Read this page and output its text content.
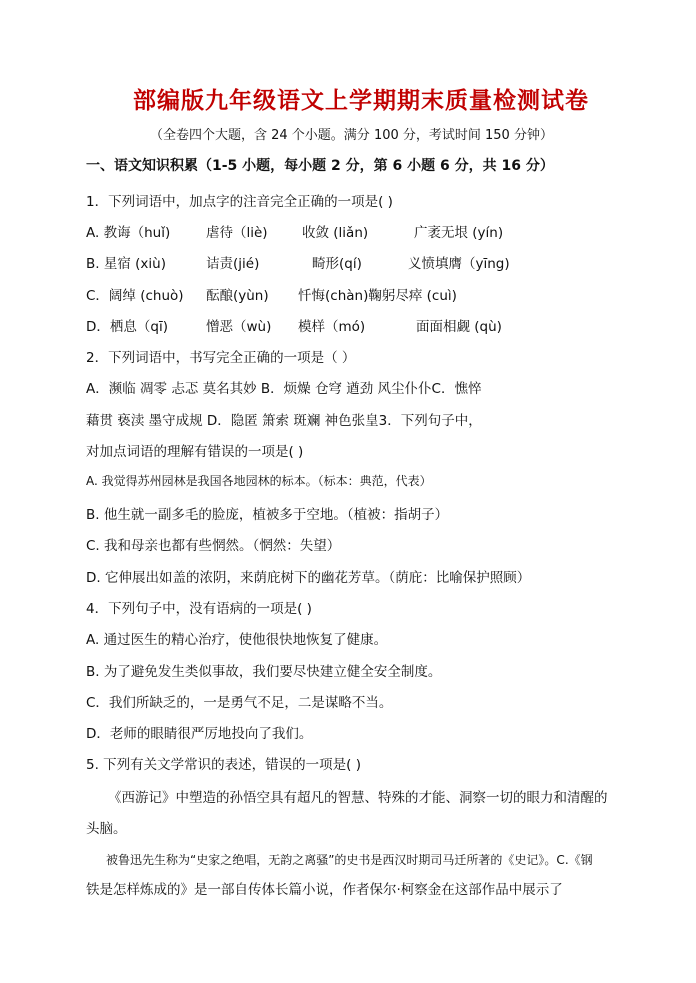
部编版九年级语文上学期期末质量检测试卷
（全卷四个大题，含 24 个小题。满分 100 分，考试时间 150 分钟）
一、语文知识积累（1-5 小题，每小题 2 分，第 6 小题 6 分，共 16 分）
1．下列词语中，加点字的注音完全正确的一项是( )
A. 教诲（huǐ)	虐待（liè)	收敛 (liǎn)	广袤无垠 (yín)
B. 星宿 (xiù)	诘责(jié)	畸形(qí)	义愤填膺（yīng)
C．阔绰 (chuò) 酝酿(yùn) 忏悔(chàn)鞠躬尽瘁 (cuì)
D．栖息（qī)	憎恶（wù) 模样（mó)	面面相觑 (qù)
2．下列词语中，书写完全正确的一项是（ ）
A．濒临 凋零 忐忑 莫名其妙 B．烦燥 仓穹 遒劲 风尘仆仆C．憔悴
藉贯 亵渎 墨守成规 D．隐匿 箫索 斑斓 神色张皇3．下列句子中，
对加点词语的理解有错误的一项是( )
A. 我觉得苏州园林是我国各地园林的标本。（标本：典范，代表）
B. 他生就一副多毛的脸庞，植被多于空地。（植被：指胡子）
C. 我和母亲也都有些惘然。（惘然：失望）
D. 它伸展出如盖的浓阴，来荫庇树下的幽花芳草。（荫庇：比喻保护照顾）
4．下列句子中，没有语病的一项是( )
A. 通过医生的精心治疗，使他很快地恢复了健康。
B. 为了避免发生类似事故，我们要尽快建立健全安全制度。
C．我们所缺乏的，一是勇气不足，二是谋略不当。
D．老师的眼睛很严厉地投向了我们。
5. 下列有关文学常识的表述，错误的一项是( )
《西游记》中塑造的孙悟空具有超凡的智慧、特殊的才能、洞察一切的眼力和清醒的
头脑。
被鲁迅先生称为“史家之绝唱，无韵之离骚”的史书是西汉时期司马迁所著的《史记》。C.《钢
铁是怎样炼成的》是一部自传体长篇小说，作者保尔·柯察金在这部作品中展示了
